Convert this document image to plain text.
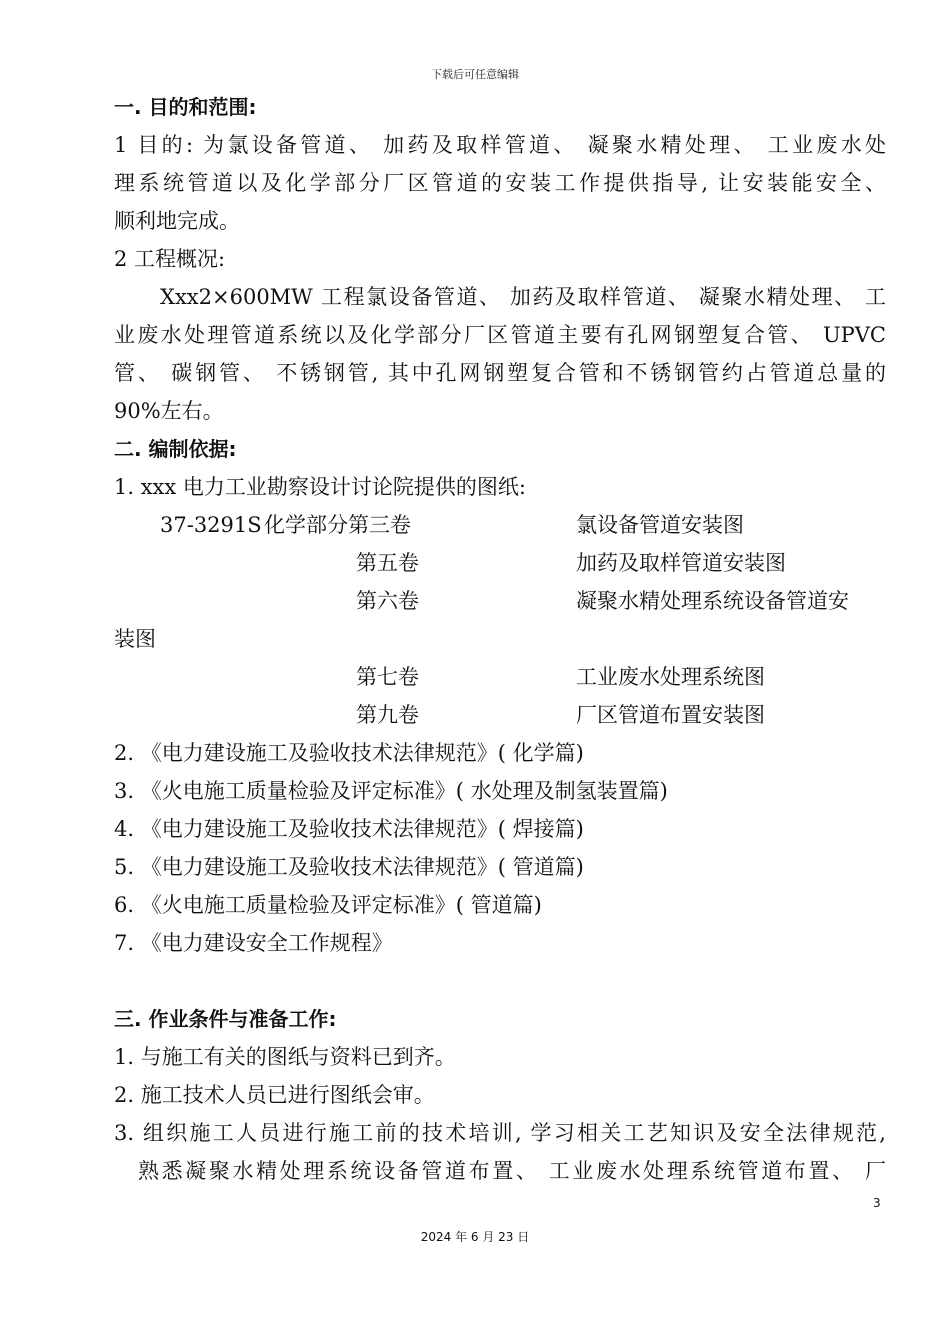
下载后可任意编辑
一. 目的和范围:
1 目的: 为氯设备管道、 加药及取样管道、 凝聚水精处理、 工业废水处
理系统管道以及化学部分厂区管道的安装工作提供指导, 让安装能安全、
顺利地完成。
2 工程概况:
Xxx2×600MW 工程氯设备管道、 加药及取样管道、 凝聚水精处理、 工
业废水处理管道系统以及化学部分厂区管道主要有孔网钢塑复合管、 UPVC
管、 碳钢管、 不锈钢管, 其中孔网钢塑复合管和不锈钢管约占管道总量的
90%左右。
二. 编制依据:
1. xxx 电力工业勘察设计讨论院提供的图纸:
37-3291S 化学部分第三卷	氯设备管道安装图
第五卷	加药及取样管道安装图
第六卷	凝聚水精处理系统设备管道安
装图
第七卷	工业废水处理系统图
第九卷	厂区管道布置安装图
2. 《电力建设施工及验收技术法律规范》( 化学篇)
3. 《火电施工质量检验及评定标准》( 水处理及制氢装置篇)
4. 《电力建设施工及验收技术法律规范》( 焊接篇)
5. 《电力建设施工及验收技术法律规范》( 管道篇)
6. 《火电施工质量检验及评定标准》( 管道篇)
7. 《电力建设安全工作规程》
三. 作业条件与准备工作:
1. 与施工有关的图纸与资料已到齐。
2. 施工技术人员已进行图纸会审。
3. 组织施工人员进行施工前的技术培训, 学习相关工艺知识及安全法律规范,
熟悉凝聚水精处理系统设备管道布置、 工业废水处理系统管道布置、 厂
3
2024 年 6 月 23 日
